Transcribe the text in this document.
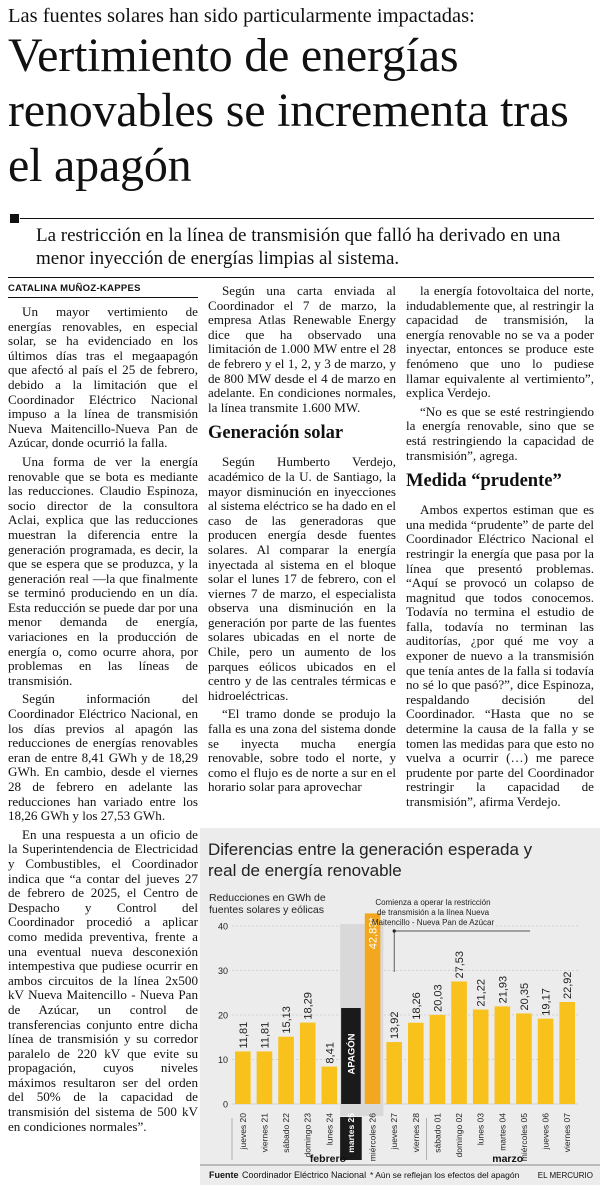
Las fuentes solares han sido particularmente impactadas:
Vertimiento de energías renovables se incrementa tras el apagón
La restricción en la línea de transmisión que falló ha derivado en una menor inyección de energías limpias al sistema.
CATALINA MUÑOZ-KAPPES

Un mayor vertimiento de energías renovables, en especial solar, se ha evidenciado en los últimos días tras el megaapagón que afectó al país el 25 de febrero, debido a la limitación que el Coordinador Eléctrico Nacional impuso a la línea de transmisión Nueva Maitencillo-Nueva Pan de Azúcar, donde ocurrió la falla.

Una forma de ver la energía renovable que se bota es mediante las reducciones. Claudio Espinoza, socio director de la consultora Aclai, explica que las reducciones muestran la diferencia entre la generación programada, es decir, la que se espera que se produzca, y la generación real —la que finalmente se terminó produciendo en un día. Esta reducción se puede dar por una menor demanda de energía, variaciones en la producción de energía o, como ocurre ahora, por problemas en las líneas de transmisión.

Según información del Coordinador Eléctrico Nacional, en los días previos al apagón las reducciones de energías renovables eran de entre 8,41 GWh y de 18,29 GWh. En cambio, desde el viernes 28 de febrero en adelante las reducciones han variado entre los 18,26 GWh y los 27,53 GWh.

En una respuesta a un oficio de la Superintendencia de Electricidad y Combustibles, el Coordinador indica que “a contar del jueves 27 de febrero de 2025, el Centro de Despacho y Control del Coordinador procedió a aplicar como medida preventiva, frente a una eventual nueva desconexión intempestiva que pudiese ocurrir en ambos circuitos de la línea 2x500 kV Nueva Maitencillo - Nueva Pan de Azúcar, un control de transferencias conjunto entre dicha línea de transmisión y su corredor paralelo de 220 kV que evite su propagación, cuyos niveles máximos resultaron ser del orden del 50% de la capacidad de transmisión del sistema de 500 kV en condiciones normales”.

Según una carta enviada al Coordinador el 7 de marzo, la empresa Atlas Renewable Energy dice que ha observado una limitación de 1.000 MW entre el 28 de febrero y el 1, 2, y 3 de marzo, y de 800 MW desde el 4 de marzo en adelante. En condiciones normales, la línea transmite 1.600 MW.

Generación solar

Según Humberto Verdejo, académico de la U. de Santiago, la mayor disminución en inyecciones al sistema eléctrico se ha dado en el caso de las generadoras que producen energía desde fuentes solares. Al comparar la energía inyectada al sistema en el bloque solar el lunes 17 de febrero, con el viernes 7 de marzo, el especialista observa una disminución en la generación por parte de las fuentes solares ubicadas en el norte de Chile, pero un aumento de los parques eólicos ubicados en el centro y de las centrales térmicas e hidroeléctricas.

“El tramo donde se produjo la falla es una zona del sistema donde se inyecta mucha energía renovable, sobre todo el norte, y como el flujo es de norte a sur en el horario solar para aprovechar

la energía fotovoltaica del norte, indudablemente que, al restringir la capacidad de transmisión, la energía renovable no se va a poder inyectar, entonces se produce este fenómeno que uno lo pudiese llamar equivalente al vertimiento”, explica Verdejo.

“No es que se esté restringiendo la energía renovable, sino que se está restringiendo la capacidad de transmisión”, agrega.

Medida “prudente”

Ambos expertos estiman que es una medida “prudente” de parte del Coordinador Eléctrico Nacional el restringir la energía que pasa por la línea que presentó problemas. “Aquí se provocó un colapso de magnitud que todos conocemos. Todavía no termina el estudio de falla, todavía no terminan las auditorías, ¿por qué me voy a exponer de nuevo a la transmisión que tenía antes de la falla si todavía no sé lo que pasó?”, dice Espinoza, respaldando decisión del Coordinador. “Hasta que no se determine la causa de la falla y se tomen las medidas para que esto no vuelva a ocurrir (…) me parece prudente por parte del Coordinador restringir la capacidad de transmisión”, afirma Verdejo.

Diferencias entre la generación esperada y
real de energía renovable
Reducciones en GWh de
fuentes solares y eólicas
0
10
20
30
40
APAGÓN
11,81
jueves 20
11,81
viernes 21
15,13
sábado 22
18,29
domingo 23
8,41
lunes 24 martes 25
42,83*
miércoles 26
13,92
jueves 27
18,26
viernes 28
20,03
sábado 01
27,53
domingo 02
21,22
lunes 03
21,93
martes 04
20,35
miércoles 05
19,17
jueves 06
22,92
viernes 07
febrero	marzo
Comienza a operar la restricción
de transmisión a la línea Nueva
Maitencillo - Nueva Pan de Azúcar
Fuente Coordinador Eléctrico Nacional * Aún se reflejan los efectos del apagón EL MERCURIO
